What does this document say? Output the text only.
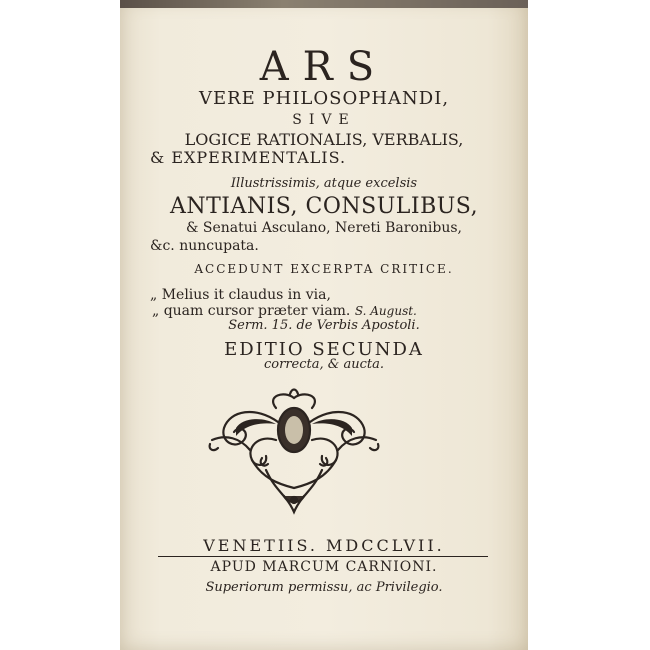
ARS
VERE PHILOSOPHANDI,
SIVE
LOGICE RATIONALIS, VERBALIS,
& EXPERIMENTALIS.
Illustrissimis, atque excelsis
ANTIANIS, CONSULIBUS,
& Senatui Asculano, Nereti Baronibus,
&c. nuncupata.
ACCEDUNT EXCERPTA CRITICE.
„ Melius it claudus in via,
„ quam cursor præter viam. S. August.
Serm. 15. de Verbis Apostoli.
EDITIO SECUNDA
correcta, & aucta.
VENETIIS. MDCCLVII.
APUD MARCUM CARNIONI.
Superiorum permissu, ac Privilegio.
